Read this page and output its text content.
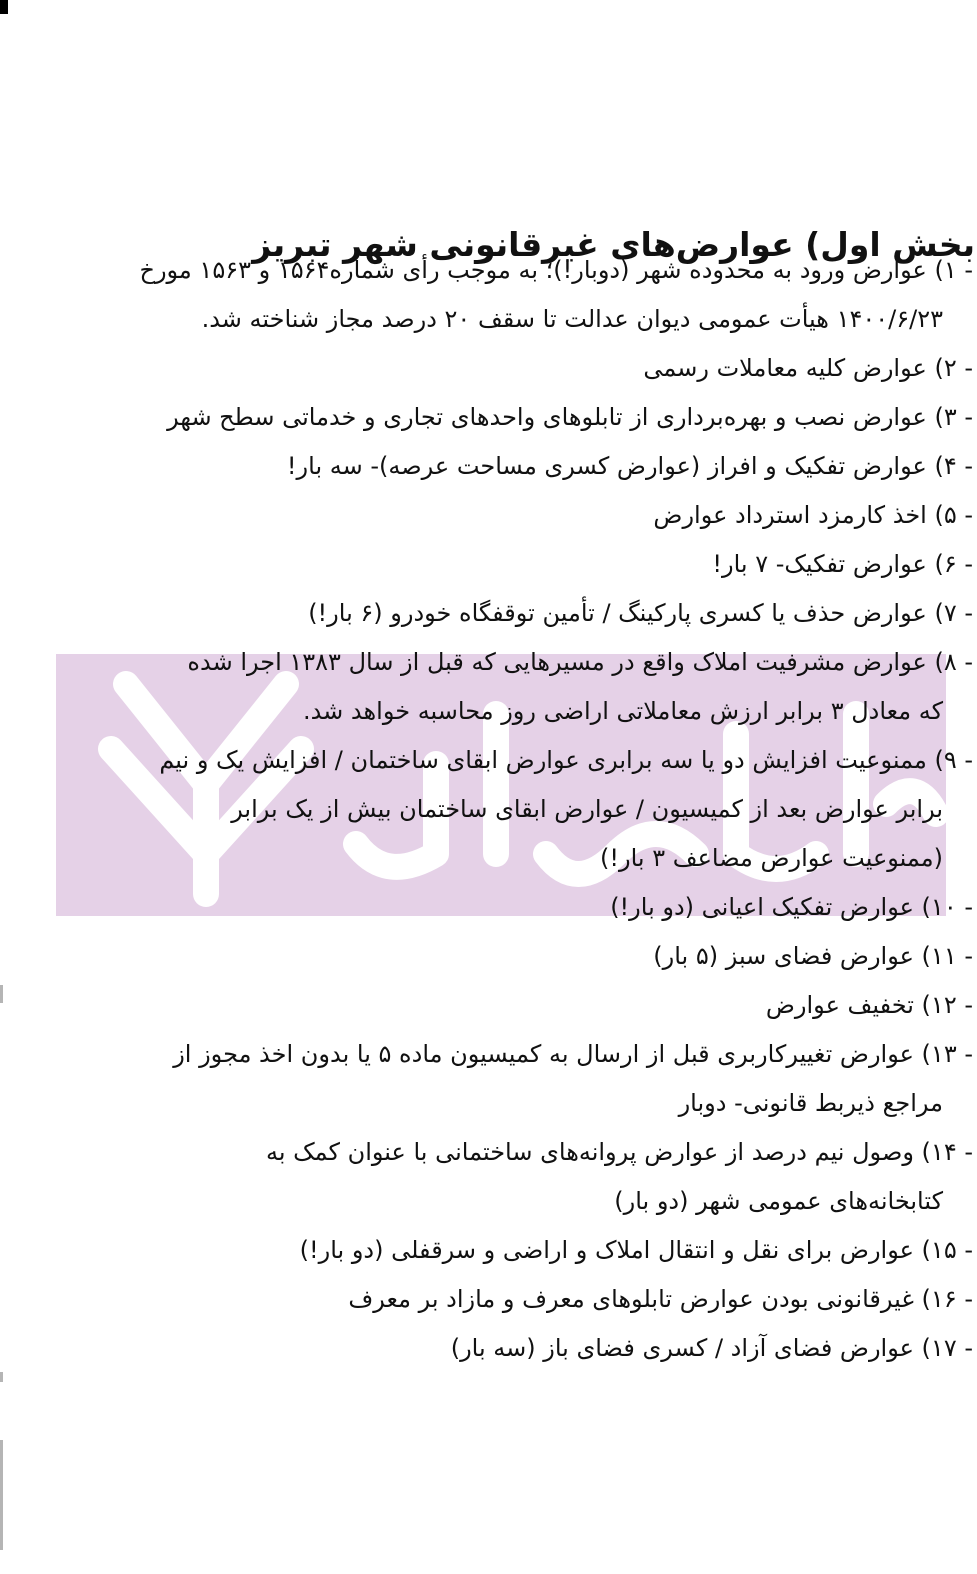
بخش اول) عوارض‌های غیرقانونی شهر تبریز
- ۱) عوارض ورود به محدوده شهر (دوبار!)؛ به موجب رأی شماره۱۵۶۴ و ۱۵۶۳ مورخ
۱۴۰۰/۶/۲۳ هیأت عمومی دیوان عدالت تا سقف ۲۰ درصد مجاز شناخته شد.
- ۲) عوارض کلیه معاملات رسمی
- ۳) عوارض نصب و بهره‌برداری از تابلوهای واحدهای تجاری و خدماتی سطح شهر
- ۴) عوارض تفکیک و افراز (عوارض کسری مساحت عرصه)- سه بار!
- ۵) اخذ کارمزد استرداد عوارض
- ۶) عوارض تفکیک- ۷ بار!
- ۷) عوارض حذف یا کسری پارکینگ / تأمین توقفگاه خودرو (۶ بار!)
- ۸) عوارض مشرفیت املاک واقع در مسیرهایی که قبل از سال ۱۳۸۳ اجرا شده
که معادل ۳ برابر ارزش معاملاتی اراضی روز محاسبه خواهد شد.
- ۹) ممنوعیت افزایش دو یا سه برابری عوارض ابقای ساختمان / افزایش یک و نیم
برابر عوارض بعد از کمیسیون / عوارض ابقای ساختمان بیش از یک برابر
(ممنوعیت عوارض مضاعف ۳ بار!)
- ۱۰) عوارض تفکیک اعیانی (دو بار!)
- ۱۱) عوارض فضای سبز (۵ بار)
- ۱۲) تخفیف عوارض
- ۱۳) عوارض تغییرکاربری قبل از ارسال به کمیسیون ماده ۵ یا بدون اخذ مجوز از
مراجع ذیربط قانونی- دوبار
- ۱۴) وصول نیم درصد از عوارض پروانه‌های ساختمانی با عنوان کمک به
کتابخانه‌های عمومی شهر (دو بار)
- ۱۵) عوارض برای نقل و انتقال املاک و اراضی و سرقفلی (دو بار!)
- ۱۶) غیرقانونی بودن عوارض تابلوهای معرف و مازاد بر معرف
- ۱۷) عوارض فضای آزاد / کسری فضای باز (سه بار)
